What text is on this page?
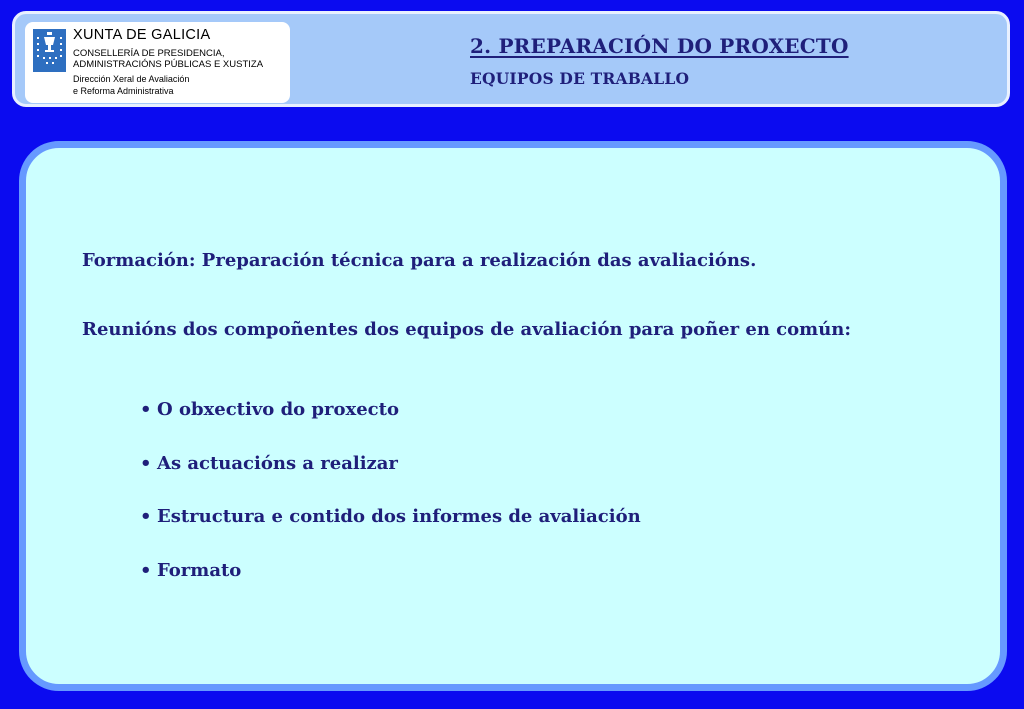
XUNTA DE GALICIA
CONSELLERÍA DE PRESIDENCIA,
ADMINISTRACIÓNS PÚBLICAS E XUSTIZA
Dirección Xeral de Avaliación
e Reforma Administrativa
2. PREPARACIÓN DO PROXECTO
EQUIPOS DE TRABALLO
Formación: Preparación técnica para a realización das avaliacións.
Reunións dos compoñentes dos equipos de avaliación para poñer en común:
• O obxectivo do proxecto
• As actuacións a realizar
• Estructura e contido dos informes de avaliación
• Formato
